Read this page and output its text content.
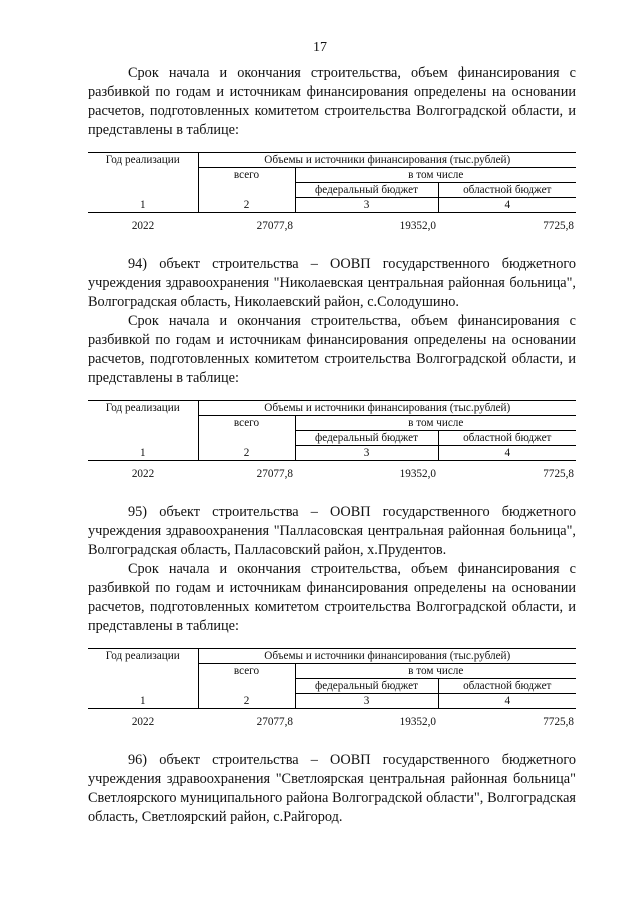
17

Срок начала и окончания строительства, объем финансирования с разбивкой по годам и источникам финансирования определены на основании расчетов, подготовленных комитетом строительства Волгоградской области, и представлены в таблице:

Год реализации	Объемы и источники финансирования (тыс.рублей)		
	всего	в том числе	
		федеральный бюджет	областной бюджет
1	2	3	4
2022	27077,8	19352,0	7725,8

94) объект строительства – ООВП государственного бюджетного учреждения здравоохранения "Николаевская центральная районная больница", Волгоградская область, Николаевский район, с.Солодушино.

Срок начала и окончания строительства, объем финансирования с разбивкой по годам и источникам финансирования определены на основании расчетов, подготовленных комитетом строительства Волгоградской области, и представлены в таблице:

Год реализации	Объемы и источники финансирования (тыс.рублей)		
	всего	в том числе	
		федеральный бюджет	областной бюджет
1	2	3	4
2022	27077,8	19352,0	7725,8

95) объект строительства – ООВП государственного бюджетного учреждения здравоохранения "Палласовская центральная районная больница", Волгоградская область, Палласовский район, х.Прудентов.

Срок начала и окончания строительства, объем финансирования с разбивкой по годам и источникам финансирования определены на основании расчетов, подготовленных комитетом строительства Волгоградской области, и представлены в таблице:

Год реализации	Объемы и источники финансирования (тыс.рублей)		
	всего	в том числе	
		федеральный бюджет	областной бюджет
1	2	3	4
2022	27077,8	19352,0	7725,8

96) объект строительства – ООВП государственного бюджетного учреждения здравоохранения "Светлоярская центральная районная больница" Светлоярского муниципального района Волгоградской области", Волгоградская область, Светлоярский район, с.Райгород.
